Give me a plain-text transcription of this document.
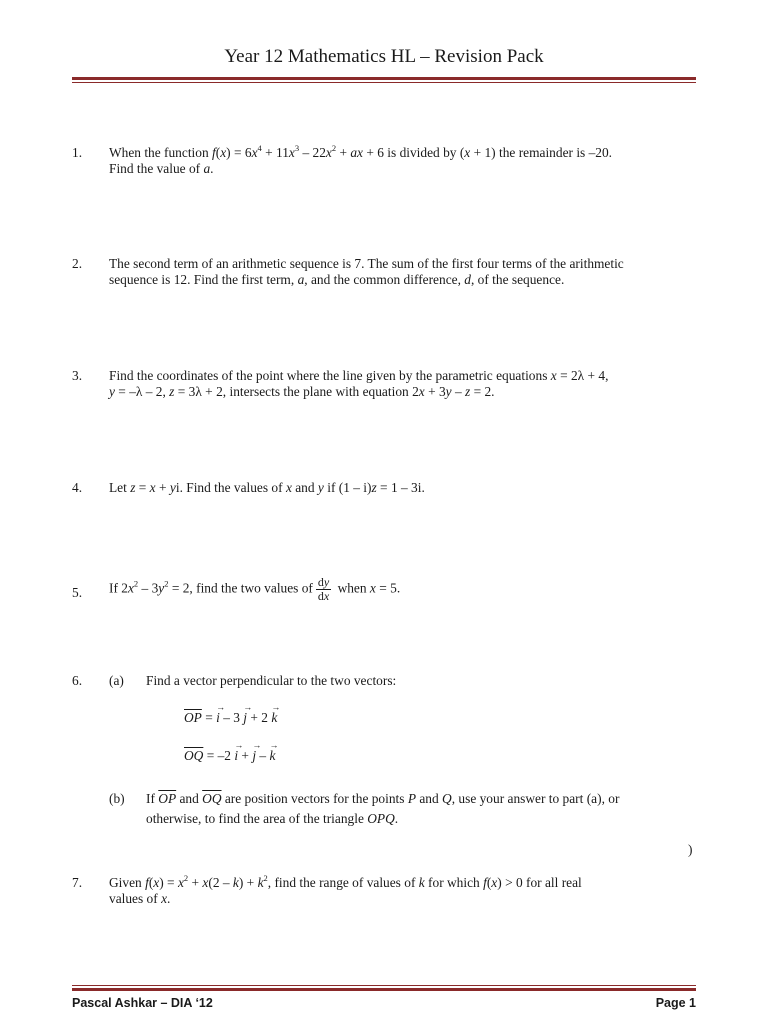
Year 12 Mathematics HL – Revision Pack
1. When the function $f(x) = 6x^4 + 11x^3 - 22x^2$ + ax + 6 is divided by (x + 1) the remainder is –20.
Find the value of a.
2. The second term of an arithmetic sequence is 7. The sum of the first four terms of the arithmetic
sequence is 12. Find the first term, a, and the common difference, d, of the sequence.
3. Find the coordinates of the point where the line given by the parametric equations x = 2λ + 4,
y = –λ – 2, z = 3λ + 2, intersects the plane with equation 2x + 3y – z = 2.
4. Let z = x + yi. Find the values of x and y if (1 – i)z = 1 – 3i.
5. If $2x^2 - 3y^2 = 2$, find the two values of $\frac{dy}{dx}$ when x = 5.
6. (a) Find a vector perpendicular to the two vectors:
$\overline{OP}$ = → i – 3 → j + 2 → k
$\overline{OQ} = -2 \to i$ + → j – → k
(b) If $\overline{OP}$ and $\overline{OQ}$ are position vectors for the points P and Q, use your answer to part (a), or
otherwise, to find the area of the triangle OPQ.
)
7. Given $f(x) = x^2 + x(2 - k) + k^2$, find the range of values of k for which f(x) > 0 for all real
values of x.
Pascal Ashkar – DIA ‘12	Page 1
